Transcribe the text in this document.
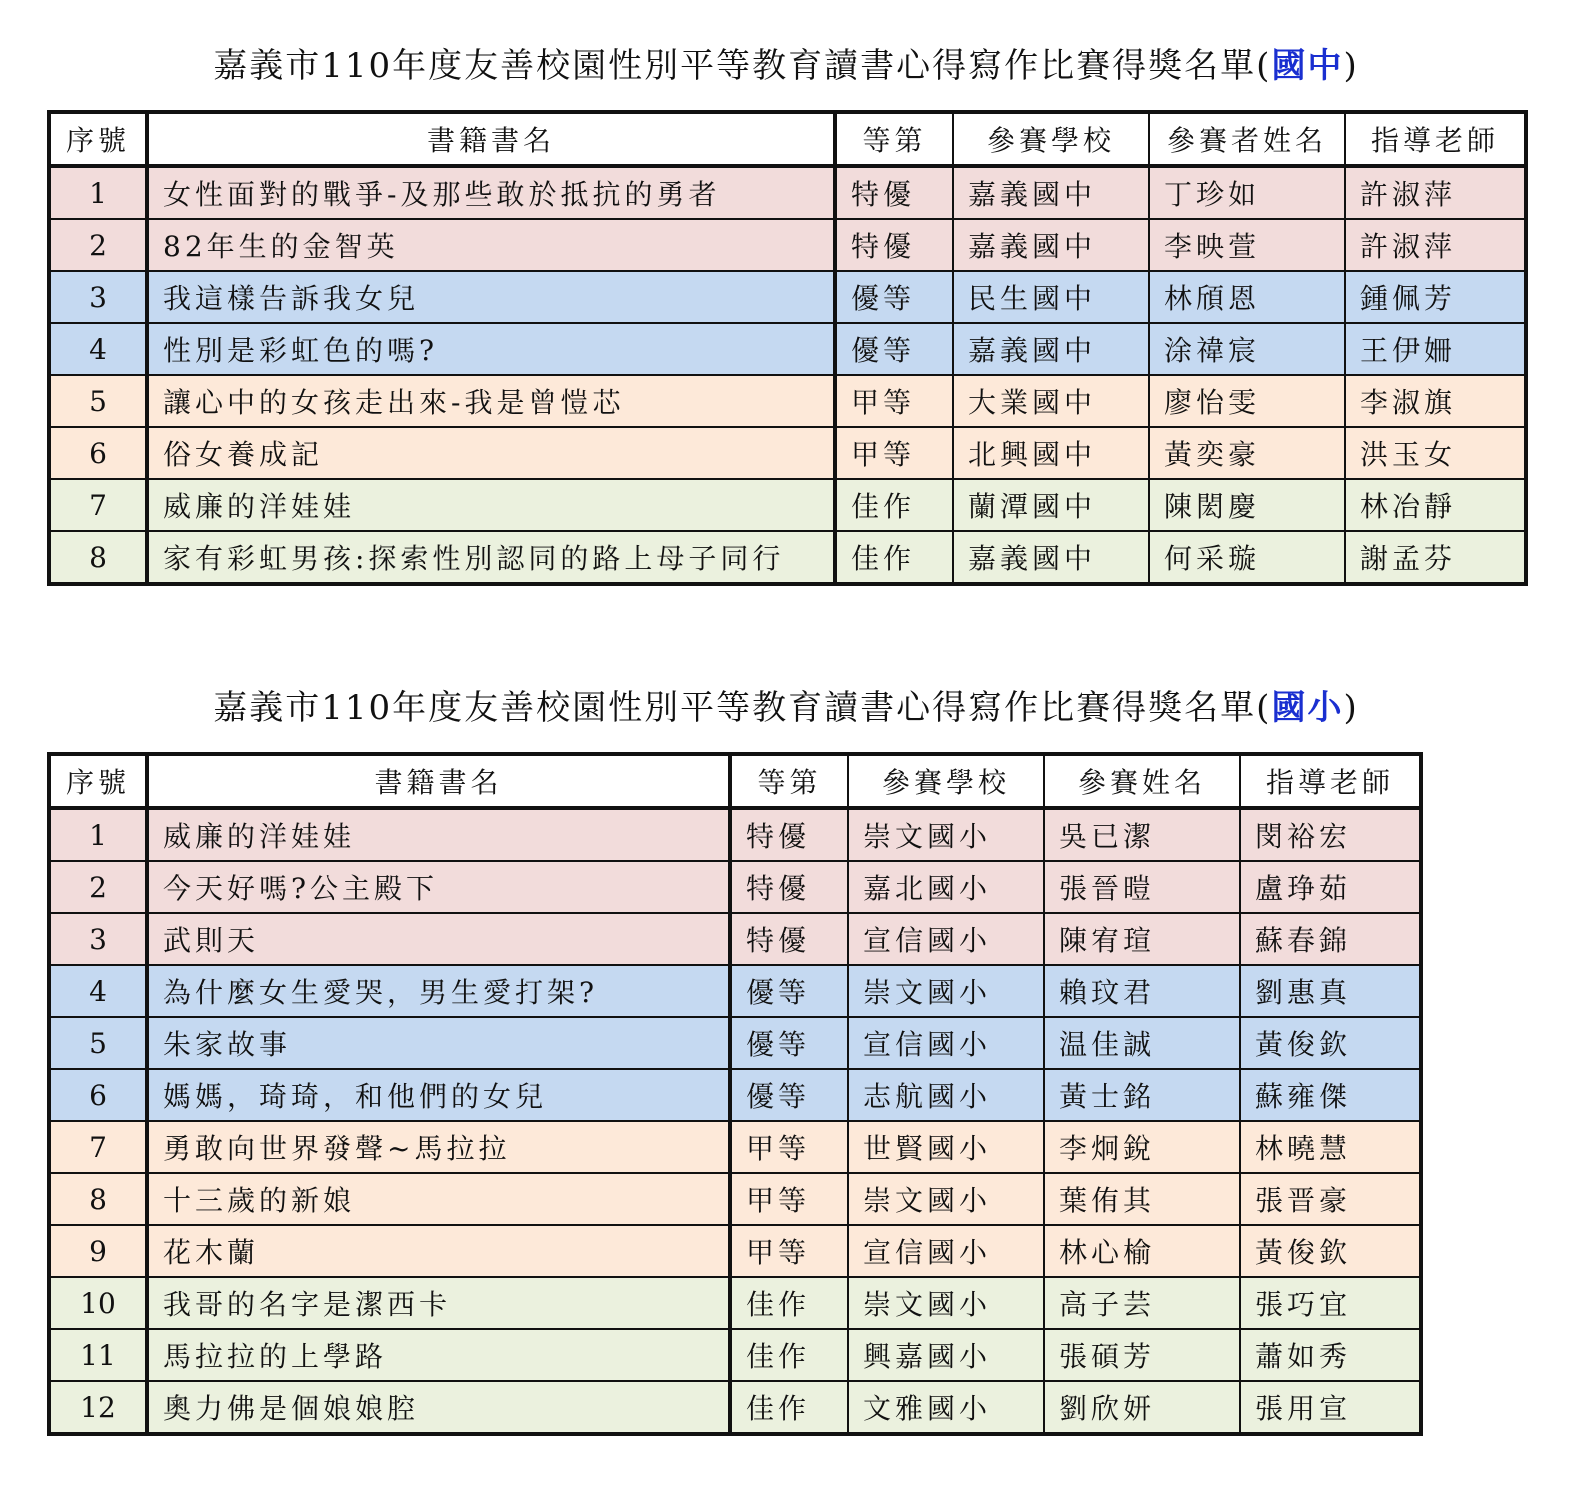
嘉義市110年度友善校園性別平等教育讀書心得寫作比賽得獎名單(國中)
序號	書籍書名	等第	參賽學校	參賽者姓名	指導老師
1	女性面對的戰爭-及那些敢於抵抗的勇者	特優	嘉義國中	丁珍如	許淑萍
2	82年生的金智英	特優	嘉義國中	李映萱	許淑萍
3	我這樣告訴我女兒	優等	民生國中	林頎恩	鍾佩芳
4	性別是彩虹色的嗎?	優等	嘉義國中	涂禕宸	王伊姍
5	讓心中的女孩走出來-我是曾愷芯	甲等	大業國中	廖怡雯	李淑旗
6	俗女養成記	甲等	北興國中	黃奕豪	洪玉女
7	威廉的洋娃娃	佳作	蘭潭國中	陳閎慶	林冶靜
8	家有彩虹男孩:探索性別認同的路上母子同行	佳作	嘉義國中	何采璇	謝孟芬
嘉義市110年度友善校園性別平等教育讀書心得寫作比賽得獎名單(國小)
序號	書籍書名	等第	參賽學校	參賽姓名	指導老師
1	威廉的洋娃娃	特優	崇文國小	吳已潔	閔裕宏
2	今天好嗎?公主殿下	特優	嘉北國小	張晉暟	盧琤茹
3	武則天	特優	宣信國小	陳宥瑄	蘇春錦
4	為什麼女生愛哭，男生愛打架?	優等	崇文國小	賴玟君	劉惠真
5	朱家故事	優等	宣信國小	温佳誠	黃俊欽
6	媽媽，琦琦，和他們的女兒	優等	志航國小	黃士銘	蘇雍傑
7	勇敢向世界發聲~馬拉拉	甲等	世賢國小	李炯銳	林曉慧
8	十三歲的新娘	甲等	崇文國小	葉侑其	張晋豪
9	花木蘭	甲等	宣信國小	林心榆	黃俊欽
10	我哥的名字是潔西卡	佳作	崇文國小	高子芸	張巧宜
11	馬拉拉的上學路	佳作	興嘉國小	張碩芳	蕭如秀
12	奧力佛是個娘娘腔	佳作	文雅國小	劉欣妍	張用宣
